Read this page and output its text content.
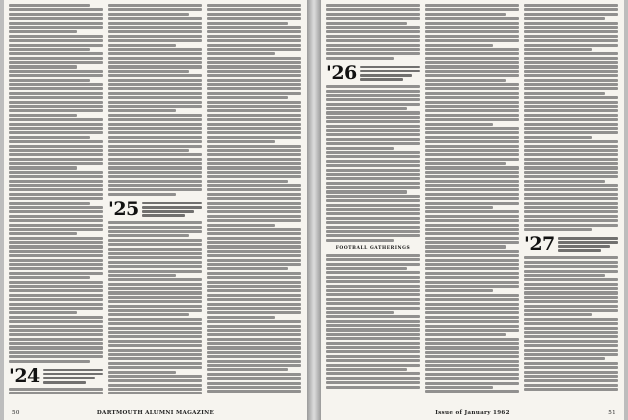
'24
'25
50	DARTMOUTH ALUMNI MAGAZINE
'26
FOOTBALL GATHERINGS	'27
Issue of January 1962	51
